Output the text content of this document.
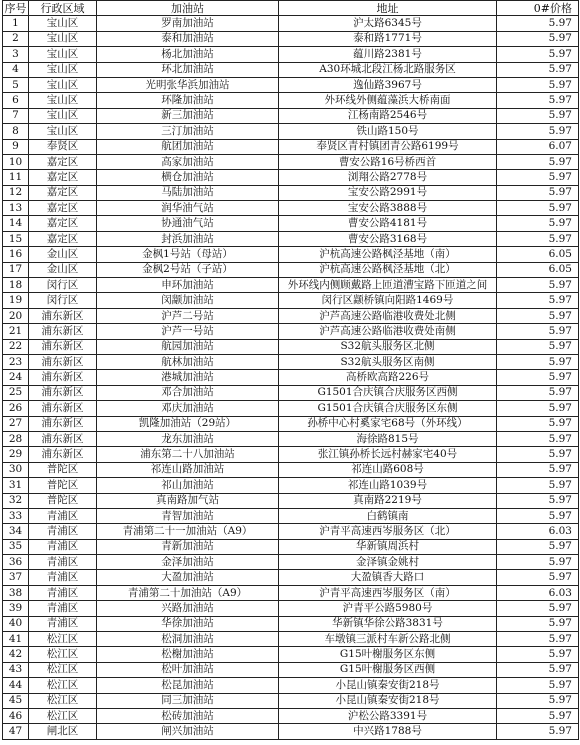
序号	行政区域	加油站	地址	0#价格
1	宝山区	罗南加油站	沪太路6345号	5.97
2	宝山区	泰和加油站	泰和路1771号	5.97
3	宝山区	杨北加油站	蕴川路2381号	5.97
4	宝山区	环北加油站	A30环城北段江杨北路服务区	5.97
5	宝山区	光明张华浜加油站	逸仙路3967号	5.97
6	宝山区	环隆加油站	外环线外侧蕴藻浜大桥南面	5.97
7	宝山区	新三加油站	江杨南路2546号	5.97
8	宝山区	三汀加油站	铁山路150号	5.97
9	奉贤区	航团加油站	奉贤区青村镇团青公路6199号	6.07
10	嘉定区	高家加油站	曹安公路16号桥西首	5.97
11	嘉定区	横仓加油站	浏翔公路2778号	5.97
12	嘉定区	马陆加油站	宝安公路2991号	5.97
13	嘉定区	润华油气站	宝安公路3888号	5.97
14	嘉定区	协通油气站	曹安公路4181号	5.97
15	嘉定区	封浜加油站	曹安公路3168号	5.97
16	金山区	金枫1号站（母站）	沪杭高速公路枫泾基地（南）	6.05
17	金山区	金枫2号站（子站）	沪杭高速公路枫泾基地（北）	6.05
18	闵行区	申环加油站	外环线内侧顾戴路上匝道漕宝路下匝道之间	5.97
19	闵行区	闵颛加油站	闵行区颛桥镇向阳路1469号	5.97
20	浦东新区	沪芦二号站	沪芦高速公路临港收费处北侧	5.97
21	浦东新区	沪芦一号站	沪芦高速公路临港收费处南侧	5.97
22	浦东新区	航园加油站	S32航头服务区北侧	5.97
23	浦东新区	航林加油站	S32航头服务区南侧	5.97
24	浦东新区	港城加油站	高桥欧高路226号	5.97
25	浦东新区	邓合加油站	G1501合庆镇合庆服务区西侧	5.97
26	浦东新区	邓庆加油站	G1501合庆镇合庆服务区东侧	5.97
27	浦东新区	凯隆加油站（29站）	孙桥中心村奚家宅68号（外环线）	5.97
28	浦东新区	龙东加油站	海徐路815号	5.97
29	浦东新区	浦东第二十八加油站	张江镇孙桥长远村赫家宅40号	5.97
30	普陀区	祁连山路加油站	祁连山路608号	5.97
31	普陀区	祁山加油站	祁连山路1039号	5.97
32	普陀区	真南路加气站	真南路2219号	5.97
33	青浦区	青智加油站	白鹤镇南	5.97
34	青浦区	青浦第二十一加油站（A9）	沪青平高速西岑服务区（北）	6.03
35	青浦区	青新加油站	华新镇周浜村	5.97
36	青浦区	金泽加油站	金泽镇金姚村	5.97
37	青浦区	大盈加油站	大盈镇香大路口	5.97
38	青浦区	青浦第二十加油站（A9）	沪青平高速西岑服务区（南）	6.03
39	青浦区	兴路加油站	沪青平公路5980号	5.97
40	青浦区	华徐加油站	华新镇华徐公路3831号	5.97
41	松江区	松洞加油站	车墩镇三派村车新公路北侧	5.97
42	松江区	松榭加油站	G15叶榭服务区东侧	5.97
43	松江区	松叶加油站	G15叶榭服务区西侧	5.97
44	松江区	松昆加油站	小昆山镇秦安街218号	5.97
45	松江区	同三加油站	小昆山镇秦安街218号	5.97
46	松江区	松砖加油站	沪松公路3391号	5.97
47	闸北区	闸兴加油站	中兴路1788号	5.97
